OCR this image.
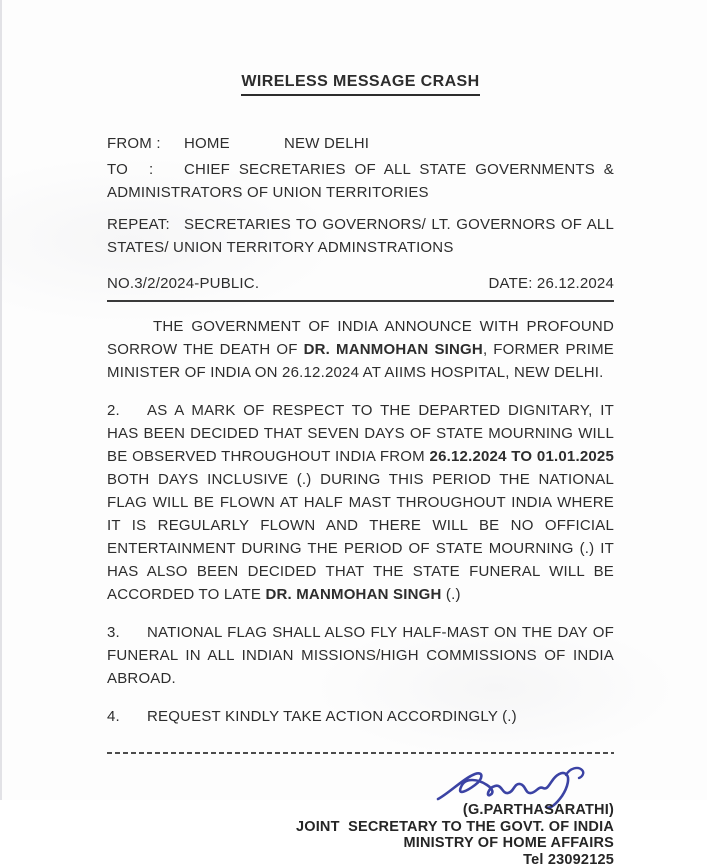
WIRELESS MESSAGE CRASH
FROM : HOME	NEW DELHI
TO : CHIEF SECRETARIES OF ALL STATE GOVERNMENTS & ADMINISTRATORS OF UNION TERRITORIES
REPEAT: SECRETARIES TO GOVERNORS/ LT. GOVERNORS OF ALL STATES/ UNION TERRITORY ADMINSTRATIONS
NO.3/2/2024-PUBLIC.	DATE: 26.12.2024
THE GOVERNMENT OF INDIA ANNOUNCE WITH PROFOUND SORROW THE DEATH OF DR. MANMOHAN SINGH, FORMER PRIME MINISTER OF INDIA ON 26.12.2024 AT AIIMS HOSPITAL, NEW DELHI.
2. AS A MARK OF RESPECT TO THE DEPARTED DIGNITARY, IT HAS BEEN DECIDED THAT SEVEN DAYS OF STATE MOURNING WILL BE OBSERVED THROUGHOUT INDIA FROM 26.12.2024 TO 01.01.2025 BOTH DAYS INCLUSIVE (.) DURING THIS PERIOD THE NATIONAL FLAG WILL BE FLOWN AT HALF MAST THROUGHOUT INDIA WHERE IT IS REGULARLY FLOWN AND THERE WILL BE NO OFFICIAL ENTERTAINMENT DURING THE PERIOD OF STATE MOURNING (.) IT HAS ALSO BEEN DECIDED THAT THE STATE FUNERAL WILL BE ACCORDED TO LATE DR. MANMOHAN SINGH (.)
3. NATIONAL FLAG SHALL ALSO FLY HALF-MAST ON THE DAY OF FUNERAL IN ALL INDIAN MISSIONS/HIGH COMMISSIONS OF INDIA ABROAD.
4. REQUEST KINDLY TAKE ACTION ACCORDINGLY (.)
(G.PARTHASARATHI)
JOINT  SECRETARY TO THE GOVT. OF INDIA
MINISTRY OF HOME AFFAIRS
Tel 23092125
